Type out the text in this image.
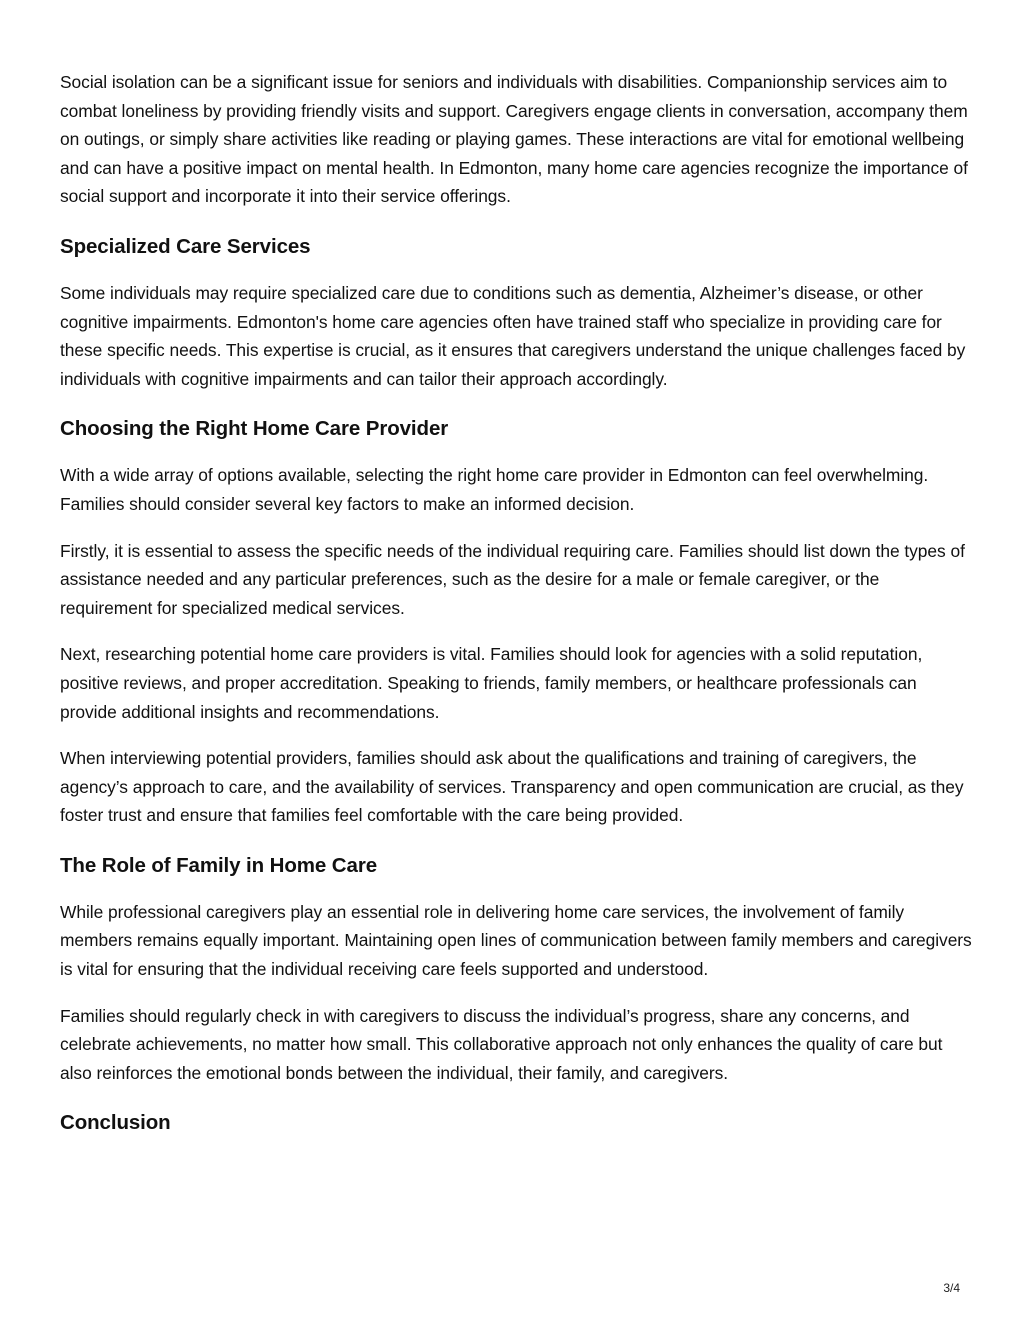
Social isolation can be a significant issue for seniors and individuals with disabilities. Companionship services aim to combat loneliness by providing friendly visits and support. Caregivers engage clients in conversation, accompany them on outings, or simply share activities like reading or playing games. These interactions are vital for emotional wellbeing and can have a positive impact on mental health. In Edmonton, many home care agencies recognize the importance of social support and incorporate it into their service offerings.

Specialized Care Services

Some individuals may require specialized care due to conditions such as dementia, Alzheimer’s disease, or other cognitive impairments. Edmonton's home care agencies often have trained staff who specialize in providing care for these specific needs. This expertise is crucial, as it ensures that caregivers understand the unique challenges faced by individuals with cognitive impairments and can tailor their approach accordingly.

Choosing the Right Home Care Provider

With a wide array of options available, selecting the right home care provider in Edmonton can feel overwhelming. Families should consider several key factors to make an informed decision.

Firstly, it is essential to assess the specific needs of the individual requiring care. Families should list down the types of assistance needed and any particular preferences, such as the desire for a male or female caregiver, or the requirement for specialized medical services.

Next, researching potential home care providers is vital. Families should look for agencies with a solid reputation, positive reviews, and proper accreditation. Speaking to friends, family members, or healthcare professionals can provide additional insights and recommendations.

When interviewing potential providers, families should ask about the qualifications and training of caregivers, the agency’s approach to care, and the availability of services. Transparency and open communication are crucial, as they foster trust and ensure that families feel comfortable with the care being provided.

The Role of Family in Home Care

While professional caregivers play an essential role in delivering home care services, the involvement of family members remains equally important. Maintaining open lines of communication between family members and caregivers is vital for ensuring that the individual receiving care feels supported and understood.

Families should regularly check in with caregivers to discuss the individual’s progress, share any concerns, and celebrate achievements, no matter how small. This collaborative approach not only enhances the quality of care but also reinforces the emotional bonds between the individual, their family, and caregivers.

Conclusion
3/4
